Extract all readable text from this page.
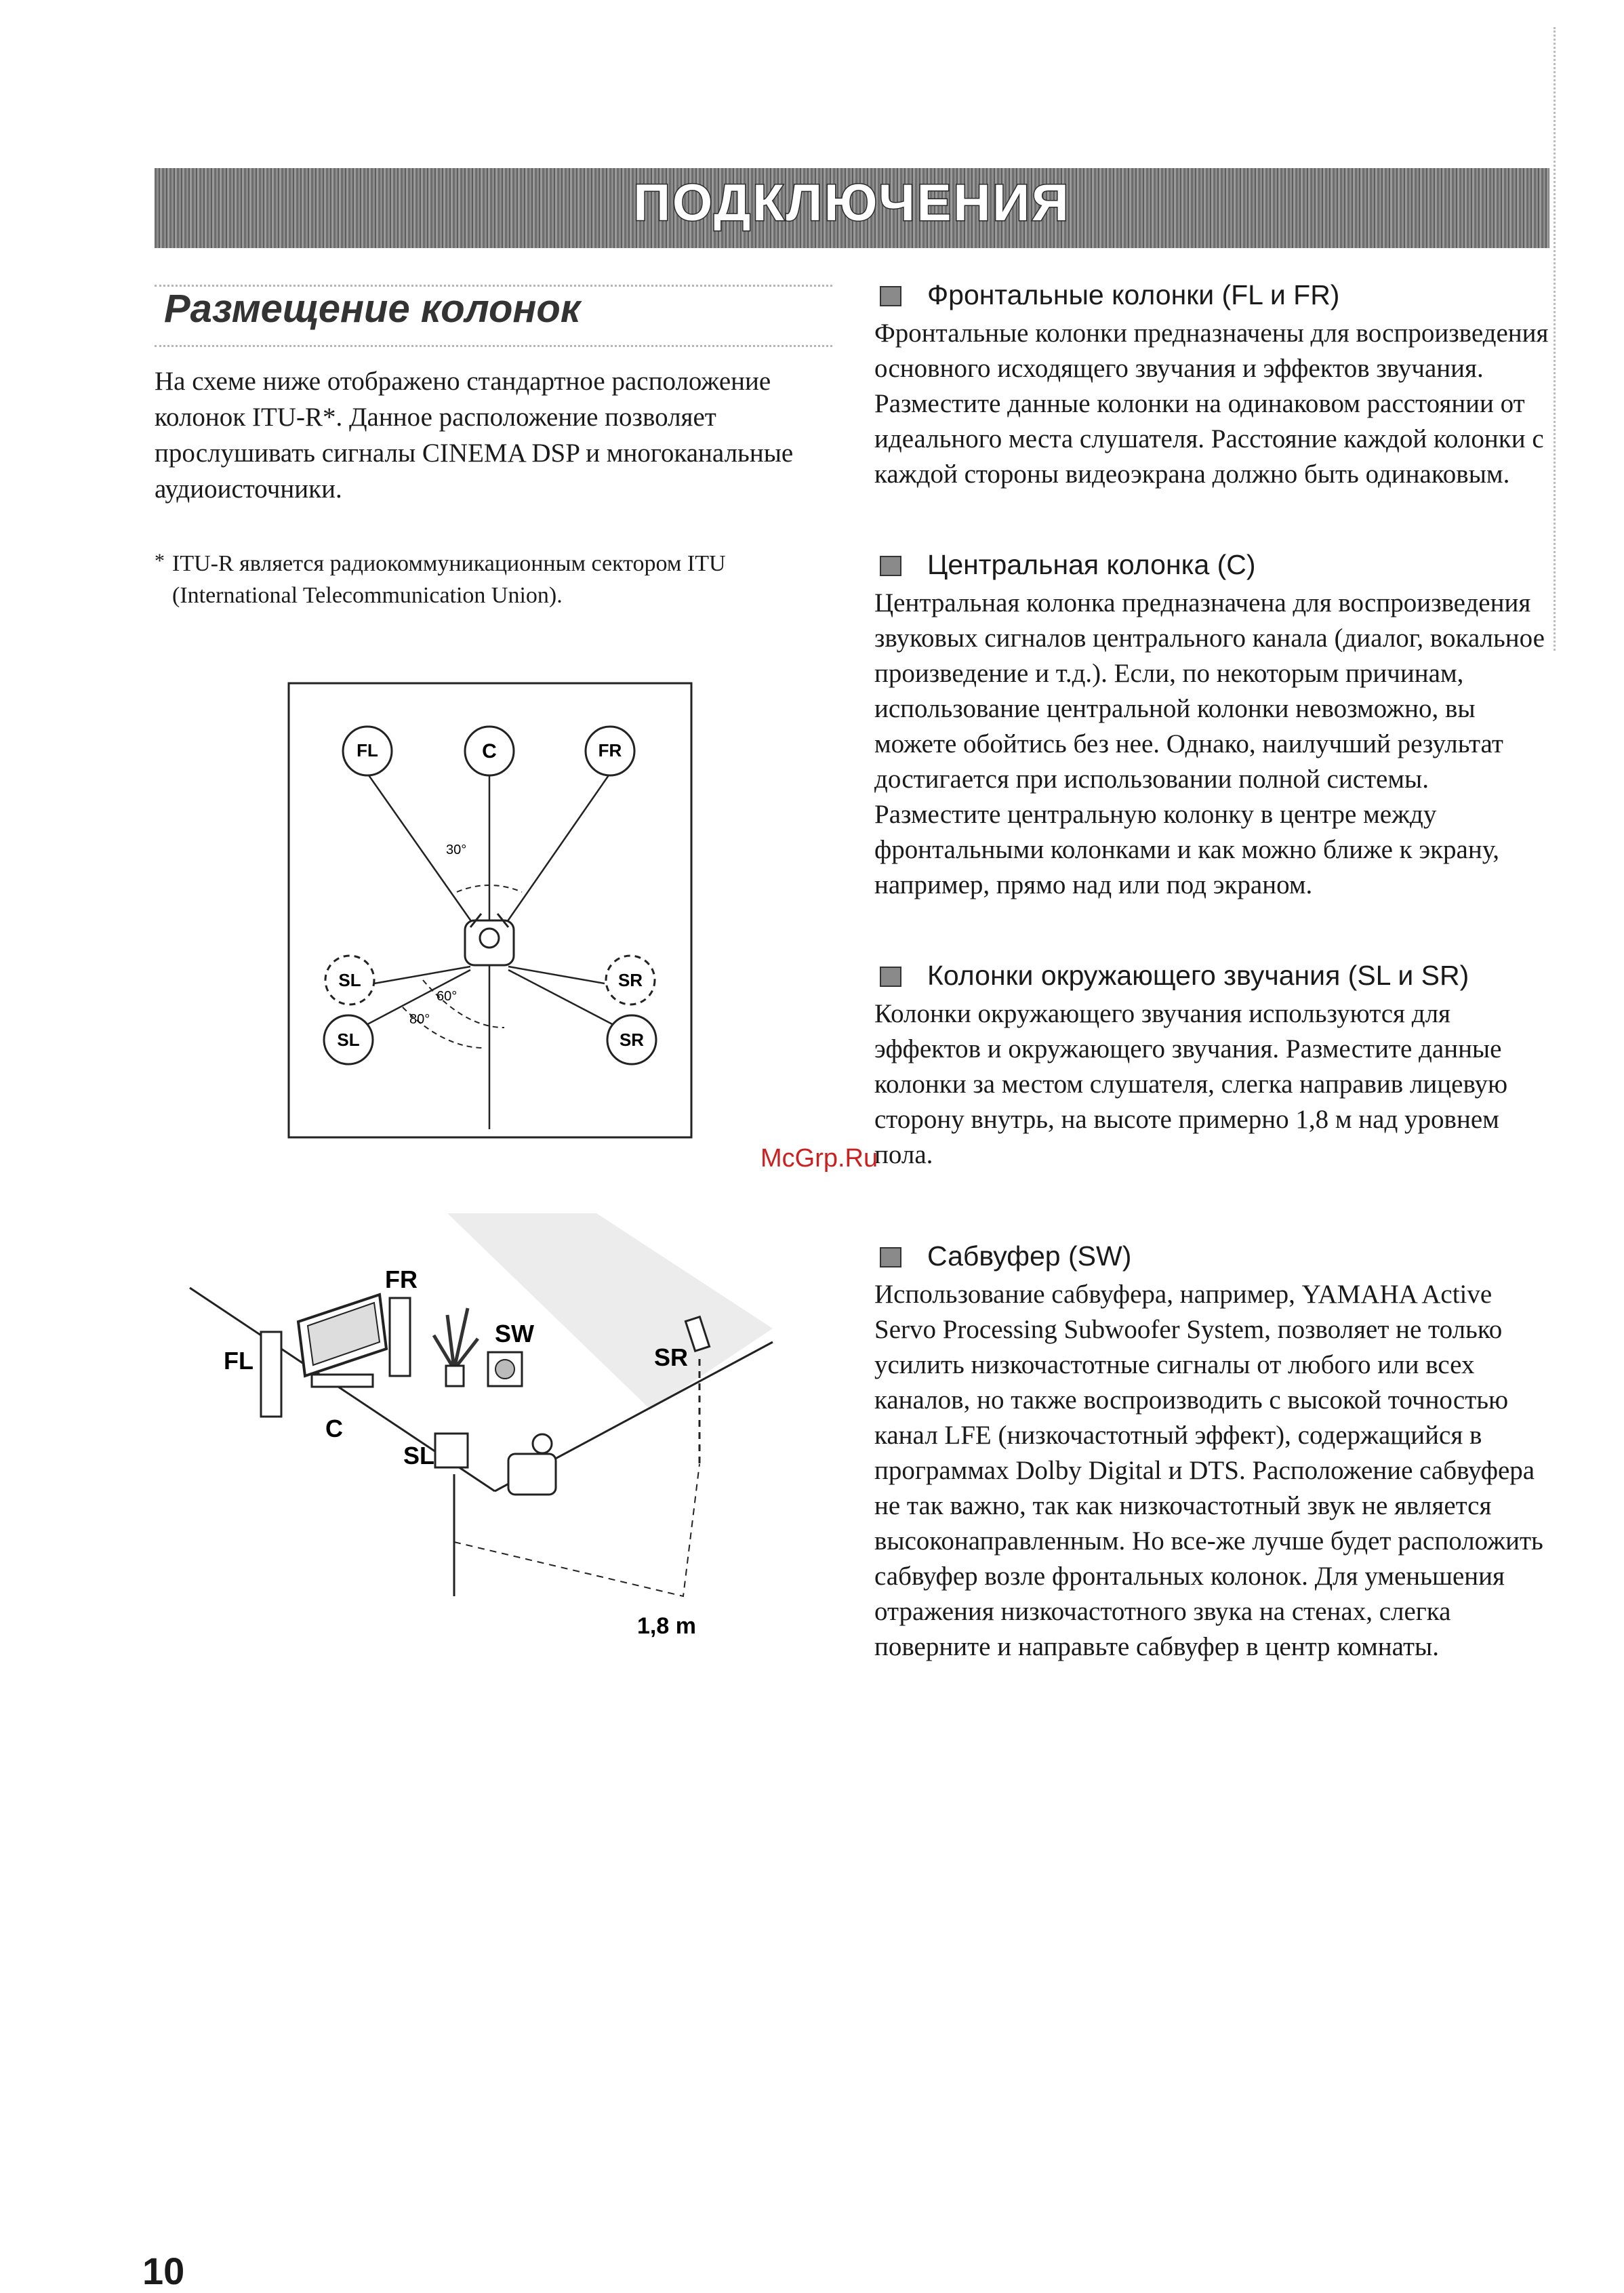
ПОДКЛЮЧЕНИЯ
Размещение колонок
На схеме ниже отображено стандартное расположение колонок ITU-R*. Данное расположение позволяет прослушивать сигналы CINEMA DSP и многоканальные аудиоисточники.
* ITU-R является радиокоммуникационным сектором ITU (International Telecommunication Union).
30°
60°
80°
FL	C	FR
SL	SR
SL	SR
FL
FR
C
SW
SL
SR
1,8 m
Фронтальные колонки (FL и FR)
Фронтальные колонки предназначены для воспроизведения основного исходящего звучания и эффектов звучания. Разместите данные колонки на одинаковом расстоянии от идеального места слушателя. Расстояние каждой колонки с каждой стороны видеоэкрана должно быть одинаковым.
Центральная колонка (C)
Центральная колонка предназначена для воспроизведения звуковых сигналов центрального канала (диалог, вокальное произведение и т.д.). Если, по некоторым причинам, использование центральной колонки невозможно, вы можете обойтись без нее. Однако, наилучший результат достигается при использовании полной системы. Разместите центральную колонку в центре между фронтальными колонками и как можно ближе к экрану, например, прямо над или под экраном.
Колонки окружающего звучания (SL и SR)
Колонки окружающего звучания используются для эффектов и окружающего звучания. Разместите данные колонки за местом слушателя, слегка направив лицевую сторону внутрь, на высоте примерно 1,8 м над уровнем пола.
Сабвуфер (SW)
Использование сабвуфера, например, YAMAHA Active Servo Processing Subwoofer System, позволяет не только усилить низкочастотные сигналы от любого или всех каналов, но также воспроизводить с высокой точностью канал LFE (низкочастотный эффект), содержащийся в программах Dolby Digital и DTS. Расположение сабвуфера не так важно, так как низкочастотный звук не является высоконаправленным. Но все-же лучше будет расположить сабвуфер возле фронтальных колонок. Для уменьшения отражения низкочастотного звука на стенах, слегка поверните и направьте сабвуфер в центр комнаты.
McGrp.Ru
10
